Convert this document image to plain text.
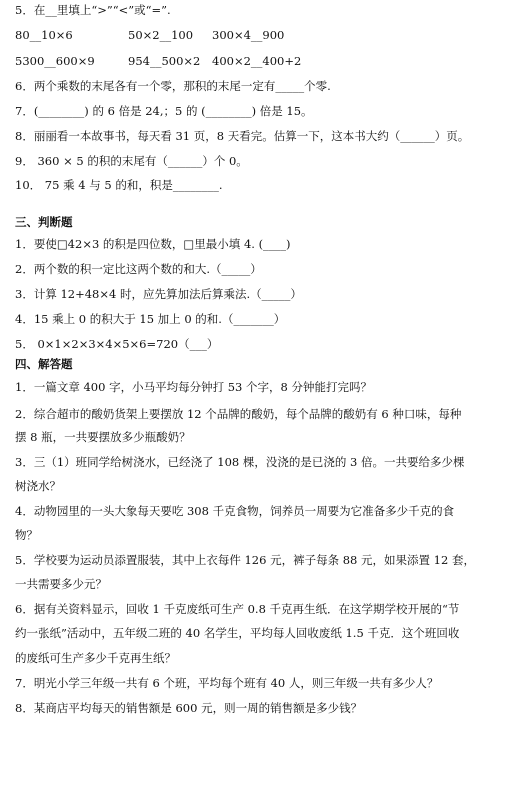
5．在__里填上“>”“<”或“=”.
80__10×6	50×2__100 300×4__900
5300__600×9	954__500×2 400×2__400+2
6．两个乘数的末尾各有一个零，那积的末尾一定有_____个零.
7．(________) 的 6 倍是 24,；5 的 (________) 倍是 15。
8．丽丽看一本故事书，每天看 31 页，8 天看完。估算一下，这本书大约（______）页。
9． 360 × 5 的积的末尾有（______）个 0。
10． 75 乘 4 与 5 的和，积是________.
三、判断题
1．要使□42×3 的积是四位数，□里最小填 4. (____)
2．两个数的积一定比这两个数的和大.（_____）
3．计算 12+48×4 时，应先算加法后算乘法.（_____）
4．15 乘上 0 的积大于 15 加上 0 的和.（_______）
5． 0×1×2×3×4×5×6=720（___）
四、解答题
1．一篇文章 400 字，小马平均每分钟打 53 个字，8 分钟能打完吗？
2．综合超市的酸奶货架上要摆放 12 个品牌的酸奶，每个品牌的酸奶有 6 种口味，每种
摆 8 瓶，一共要摆放多少瓶酸奶？
3．三（1）班同学给树浇水，已经浇了 108 棵，没浇的是已浇的 3 倍。一共要给多少棵
树浇水？
4．动物园里的一头大象每天要吃 308 千克食物，饲养员一周要为它准备多少千克的食
物？
5．学校要为运动员添置服装，其中上衣每件 126 元，裤子每条 88 元，如果添置 12 套，
一共需要多少元？
6．据有关资料显示，回收 1 千克废纸可生产 0.8 千克再生纸．在这学期学校开展的“节
约一张纸”活动中，五年级二班的 40 名学生，平均每人回收废纸 1.5 千克．这个班回收
的废纸可生产多少千克再生纸？
7．明光小学三年级一共有 6 个班，平均每个班有 40 人，则三年级一共有多少人？
8．某商店平均每天的销售额是 600 元，则一周的销售额是多少钱？
